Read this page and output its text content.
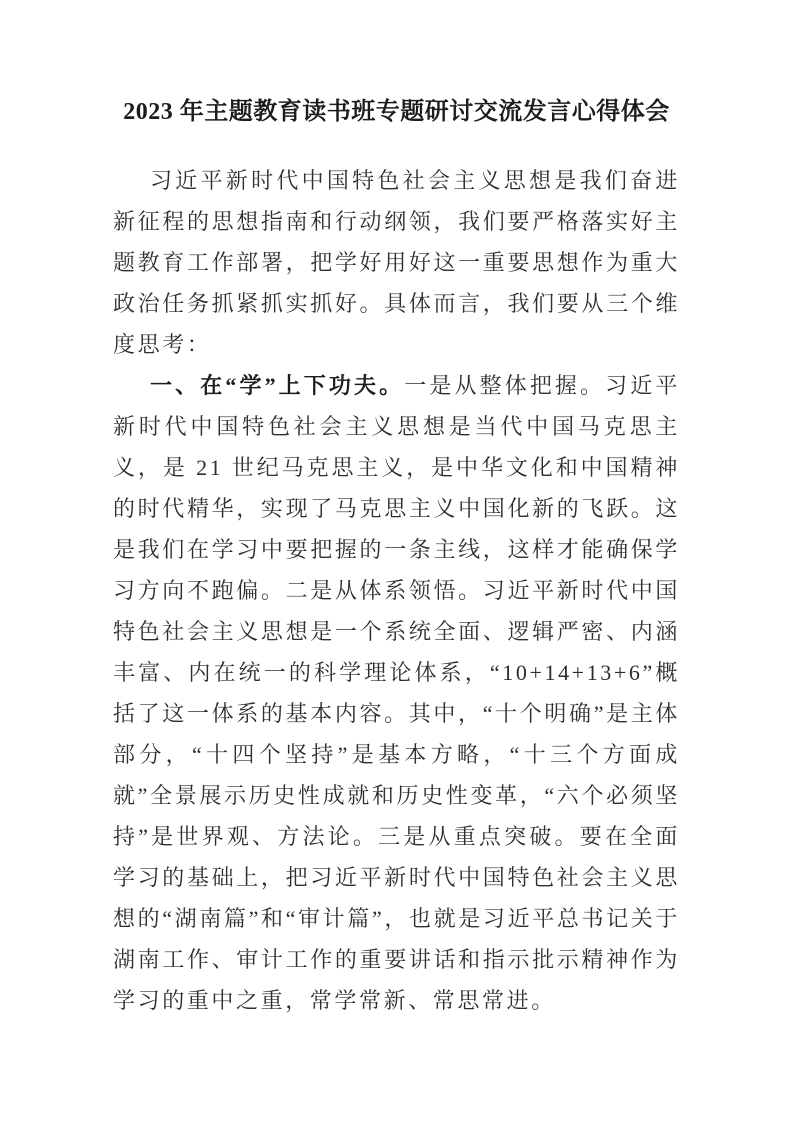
2023 年主题教育读书班专题研讨交流发言心得体会

习近平新时代中国特色社会主义思想是我们奋进新征程的思想指南和行动纲领，我们要严格落实好主题教育工作部署，把学好用好这一重要思想作为重大政治任务抓紧抓实抓好。具体而言，我们要从三个维度思考：

一、在“学”上下功夫。一是从整体把握。习近平新时代中国特色社会主义思想是当代中国马克思主义，是 21 世纪马克思主义，是中华文化和中国精神的时代精华，实现了马克思主义中国化新的飞跃。这是我们在学习中要把握的一条主线，这样才能确保学习方向不跑偏。二是从体系领悟。习近平新时代中国特色社会主义思想是一个系统全面、逻辑严密、内涵丰富、内在统一的科学理论体系，“10+14+13+6”概括了这一体系的基本内容。其中，“十个明确”是主体部分，“十四个坚持”是基本方略，“十三个方面成就”全景展示历史性成就和历史性变革，“六个必须坚持”是世界观、方法论。三是从重点突破。要在全面学习的基础上，把习近平新时代中国特色社会主义思想的“湖南篇”和“审计篇”，也就是习近平总书记关于湖南工作、审计工作的重要讲话和指示批示精神作为学习的重中之重，常学常新、常思常进。
